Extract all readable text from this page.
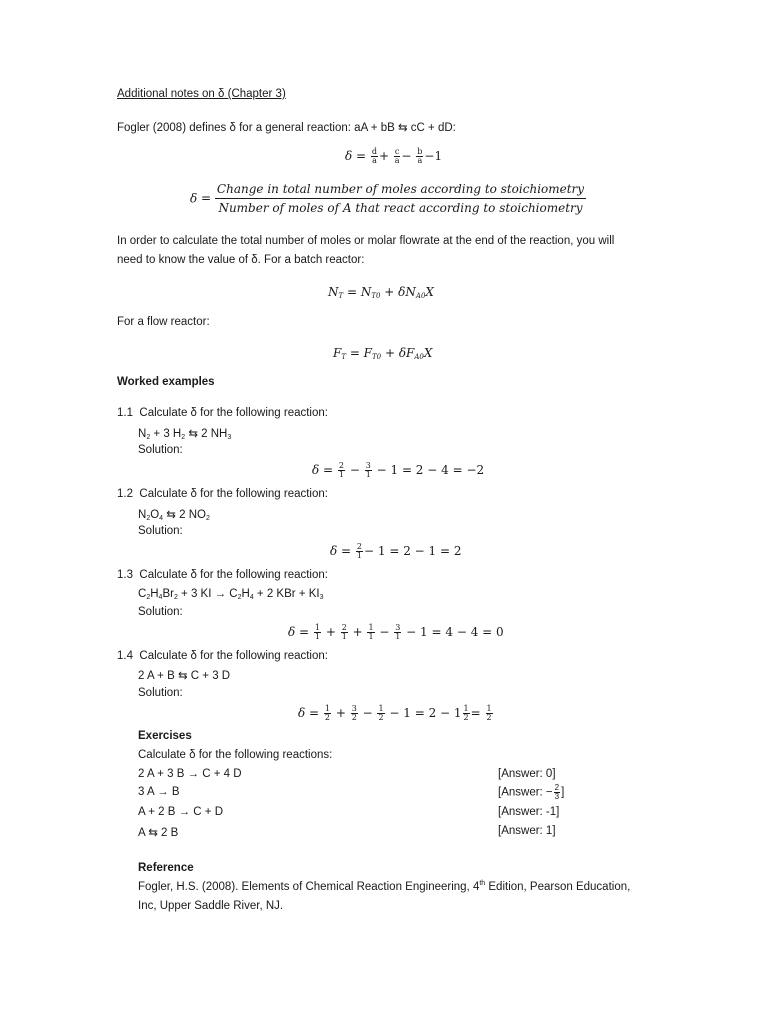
Additional notes on δ (Chapter 3)
Fogler (2008) defines δ for a general reaction: aA + bB ⇆ cC + dD:
$\delta = \frac{d}{a} + \frac{c}{a} - \frac{b}{a} -1$
$\delta = \frac{\text{Change in total number of moles according to stoichiometry}}{\text{Number of moles of A that react according to stoichiometry}}$
In order to calculate the total number of moles or molar flowrate at the end of the reaction, you will
need to know the value of δ. For a batch reactor:
$N_T = N_{T0} + \delta N_{A0}X$
For a flow reactor:
$F_T = F_{T0} + \delta F_{A0}X$
Worked examples
1.1 Calculate δ for the following reaction:
$N_2 + 3$ $H_2$ ⇆ 2 $NH_3$
Solution:
$\delta = \frac{2}{1} - \frac{3}{1} - 1 = 2 - 4 = -2$
1.2 Calculate δ for the following reaction:
$N_2O_4$ ⇆ 2 $NO_2$
Solution:
$\delta = \frac{2}{1} - 1 = 2 - 1 = 2$
1.3 Calculate δ for the following reaction:
$C_2H_4Br_2 + 3$ KI → $C_2H_4 + 2$ KBr + $KI_3$
Solution:
$\delta = \frac{1}{1} + \frac{2}{1} + \frac{1}{1} - \frac{3}{1} - 1 = 4 - 4 = 0$
1.4 Calculate δ for the following reaction:
2 A + B ⇆ C + 3 D
Solution:
$\delta = \frac{1}{2} + \frac{3}{2} - \frac{1}{2} - 1 = 2 - 1 \frac{1}{2} = \frac{1}{2}$
Exercises
Calculate δ for the following reactions:
2 A + 3 B → C + 4 D	[Answer: 0]
3 A → B	[Answer: − $\frac{2}{3}$ ]
A + 2 B → C + D	[Answer: -1]
A ⇆ 2 B	[Answer: 1]
Reference
Fogler, H.S. (2008). Elements of Chemical Reaction Engineering, 4th Edition, Pearson Education,
Inc, Upper Saddle River, NJ.
